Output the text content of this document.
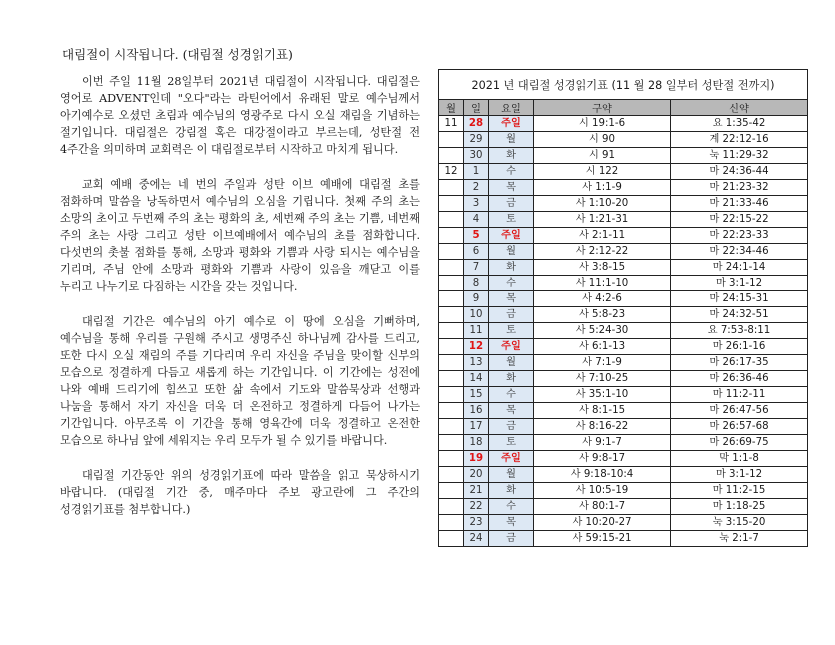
대림절이 시작됩니다. (대림절 성경읽기표)

이번 주일 11월 28일부터 2021년 대림절이 시작됩니다. 대림절은 영어로 ADVENT인데 "오다"라는 라틴어에서 유래된 말로 예수님께서 아기예수로 오셨던 초림과 예수님의 영광주로 다시 오실 재림을 기념하는 절기입니다. 대림절은 강림절 혹은 대강절이라고 부르는데, 성탄절 전 4주간을 의미하며 교회력은 이 대림절로부터 시작하고 마치게 됩니다.

교회 예배 중에는 네 번의 주일과 성탄 이브 예배에 대림절 초를 점화하며 말씀을 낭독하면서 예수님의 오심을 기립니다. 첫째 주의 초는 소망의 초이고 두번째 주의 초는 평화의 초, 세번째 주의 초는 기쁨, 네번째 주의 초는 사랑 그리고 성탄 이브예배에서 예수님의 초를 점화합니다. 다섯번의 촛불 점화를 통해, 소망과 평화와 기쁨과 사랑 되시는 예수님을 기리며, 주님 안에 소망과 평화와 기쁨과 사랑이 있음을 깨닫고 이를 누리고 나누기로 다짐하는 시간을 갖는 것입니다.

대림절 기간은 예수님의 아기 예수로 이 땅에 오심을 기뻐하며, 예수님을 통해 우리를 구원해 주시고 생명주신 하나님께 감사를 드리고, 또한 다시 오실 재림의 주를 기다리며 우리 자신을 주님을 맞이할 신부의 모습으로 정결하게 다듬고 새롭게 하는 기간입니다. 이 기간에는 성전에 나와 예배 드리기에 힘쓰고 또한 삶 속에서 기도와 말씀묵상과 선행과 나눔을 통해서 자기 자신을 더욱 더 온전하고 정결하게 다듬어 나가는 기간입니다. 아무조록 이 기간을 통해 영육간에 더욱 정결하고 온전한 모습으로 하나님 앞에 세워지는 우리 모두가 될 수 있기를 바랍니다.

대림절 기간동안 위의 성경읽기표에 따라 말씀을 읽고 묵상하시기 바랍니다. (대림절 기간 중, 매주마다 주보 광고란에 그 주간의 성경읽기표를 첨부합니다.)

2021 년 대림절 성경읽기표 (11 월 28 일부터 성탄절 전까지)				
월	일	요일	구약	신약
11	28	주일	시 19:1-6	요 1:35-42
	29	월	시 90	계 22:12-16
	30	화	시 91	눅 11:29-32
12	1	수	시 122	마 24:36-44
	2	목	사 1:1-9	마 21:23-32
	3	금	사 1:10-20	마 21:33-46
	4	토	사 1:21-31	마 22:15-22
	5	주일	사 2:1-11	마 22:23-33
	6	월	사 2:12-22	마 22:34-46
	7	화	사 3:8-15	마 24:1-14
	8	수	사 11:1-10	마 3:1-12
	9	목	사 4:2-6	마 24:15-31
	10	금	사 5:8-23	마 24:32-51
	11	토	사 5:24-30	요 7:53-8:11
	12	주일	사 6:1-13	마 26:1-16
	13	월	사 7:1-9	마 26:17-35
	14	화	사 7:10-25	마 26:36-46
	15	수	사 35:1-10	마 11:2-11
	16	목	사 8:1-15	마 26:47-56
	17	금	사 8:16-22	마 26:57-68
	18	토	사 9:1-7	마 26:69-75
	19	주일	사 9:8-17	막 1:1-8
	20	월	사 9:18-10:4	마 3:1-12
	21	화	사 10:5-19	마 11:2-15
	22	수	사 80:1-7	마 1:18-25
	23	목	사 10:20-27	눅 3:15-20
	24	금	사 59:15-21	눅 2:1-7
